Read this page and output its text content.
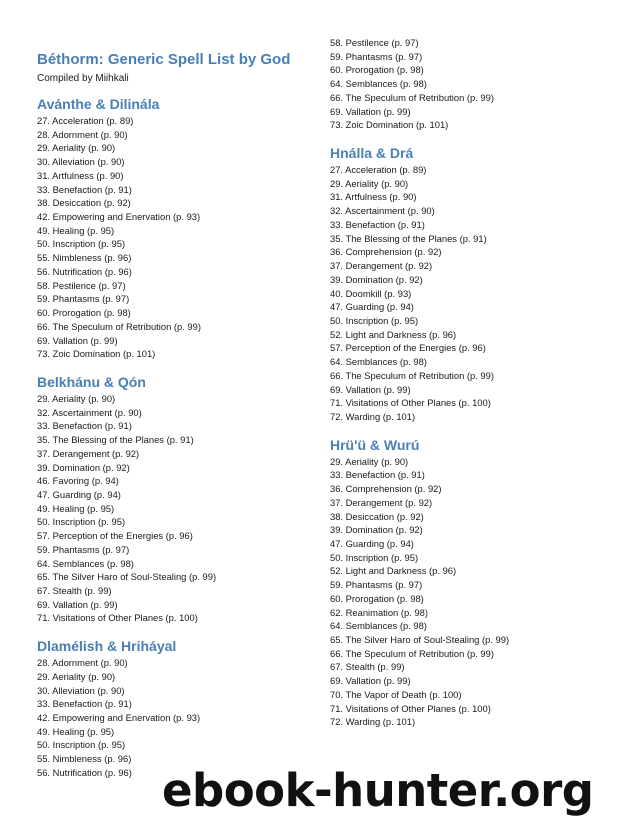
Béthorm: Generic Spell List by God

Compiled by Miihkali

Avánthe & Dilinála
27. Acceleration (p. 89)
28. Adornment (p. 90)
29. Aeriality (p. 90)
30. Alleviation (p. 90)
31. Artfulness (p. 90)
33. Benefaction (p. 91)
38. Desiccation (p. 92)
42. Empowering and Enervation (p. 93)
49. Healing (p. 95)
50. Inscription (p. 95)
55. Nimbleness (p. 96)
56. Nutrification (p. 96)
58. Pestilence (p. 97)
59. Phantasms (p. 97)
60. Prorogation (p. 98)
66. The Speculum of Retribution (p. 99)
69. Vallation (p. 99)
73. Zoic Domination (p. 101)
Belkhánu & Qón
29. Aeriality (p. 90)
32. Ascertainment (p. 90)
33. Benefaction (p. 91)
35. The Blessing of the Planes (p. 91)
37. Derangement (p. 92)
39. Domination (p. 92)
46. Favoring (p. 94)
47. Guarding (p. 94)
49. Healing (p. 95)
50. Inscription (p. 95)
57. Perception of the Energies (p. 96)
59. Phantasms (p. 97)
64. Semblances (p. 98)
65. The Silver Haro of Soul-Stealing (p. 99)
67. Stealth (p. 99)
69. Vallation (p. 99)
71. Visitations of Other Planes (p. 100)
Dlamélish & Hriháyal
28. Adornment (p. 90)
29. Aeriality (p. 90)
30. Alleviation (p. 90)
33. Benefaction (p. 91)
42. Empowering and Enervation (p. 93)
49. Healing (p. 95)
50. Inscription (p. 95)
55. Nimbleness (p. 96)
56. Nutrification (p. 96)
58. Pestilence (p. 97)
59. Phantasms (p. 97)
60. Prorogation (p. 98)
64. Semblances (p. 98)
66. The Speculum of Retribution (p. 99)
69. Vallation (p. 99)
73. Zoic Domination (p. 101)
Hnálla & Drá
27. Acceleration (p. 89)
29. Aeriality (p. 90)
31. Artfulness (p. 90)
32. Ascertainment (p. 90)
33. Benefaction (p. 91)
35. The Blessing of the Planes (p. 91)
36. Comprehension (p. 92)
37. Derangement (p. 92)
39. Domination (p. 92)
40. Doomkill (p. 93)
47. Guarding (p. 94)
50. Inscription (p. 95)
52. Light and Darkness (p. 96)
57. Perception of the Energies (p. 96)
64. Semblances (p. 98)
66. The Speculum of Retribution (p. 99)
69. Vallation (p. 99)
71. Visitations of Other Planes (p. 100)
72. Warding (p. 101)
Hrü'ü & Wurú
29. Aeriality (p. 90)
33. Benefaction (p. 91)
36. Comprehension (p. 92)
37. Derangement (p. 92)
38. Desiccation (p. 92)
39. Domination (p. 92)
47. Guarding (p. 94)
50. Inscription (p. 95)
52. Light and Darkness (p. 96)
59. Phantasms (p. 97)
60. Prorogation (p. 98)
62. Reanimation (p. 98)
64. Semblances (p. 98)
65. The Silver Haro of Soul-Stealing (p. 99)
66. The Speculum of Retribution (p. 99)
67. Stealth (p. 99)
69. Vallation (p. 99)
70. The Vapor of Death (p. 100)
71. Visitations of Other Planes (p. 100)
72. Warding (p. 101)
ebook-hunter.org
